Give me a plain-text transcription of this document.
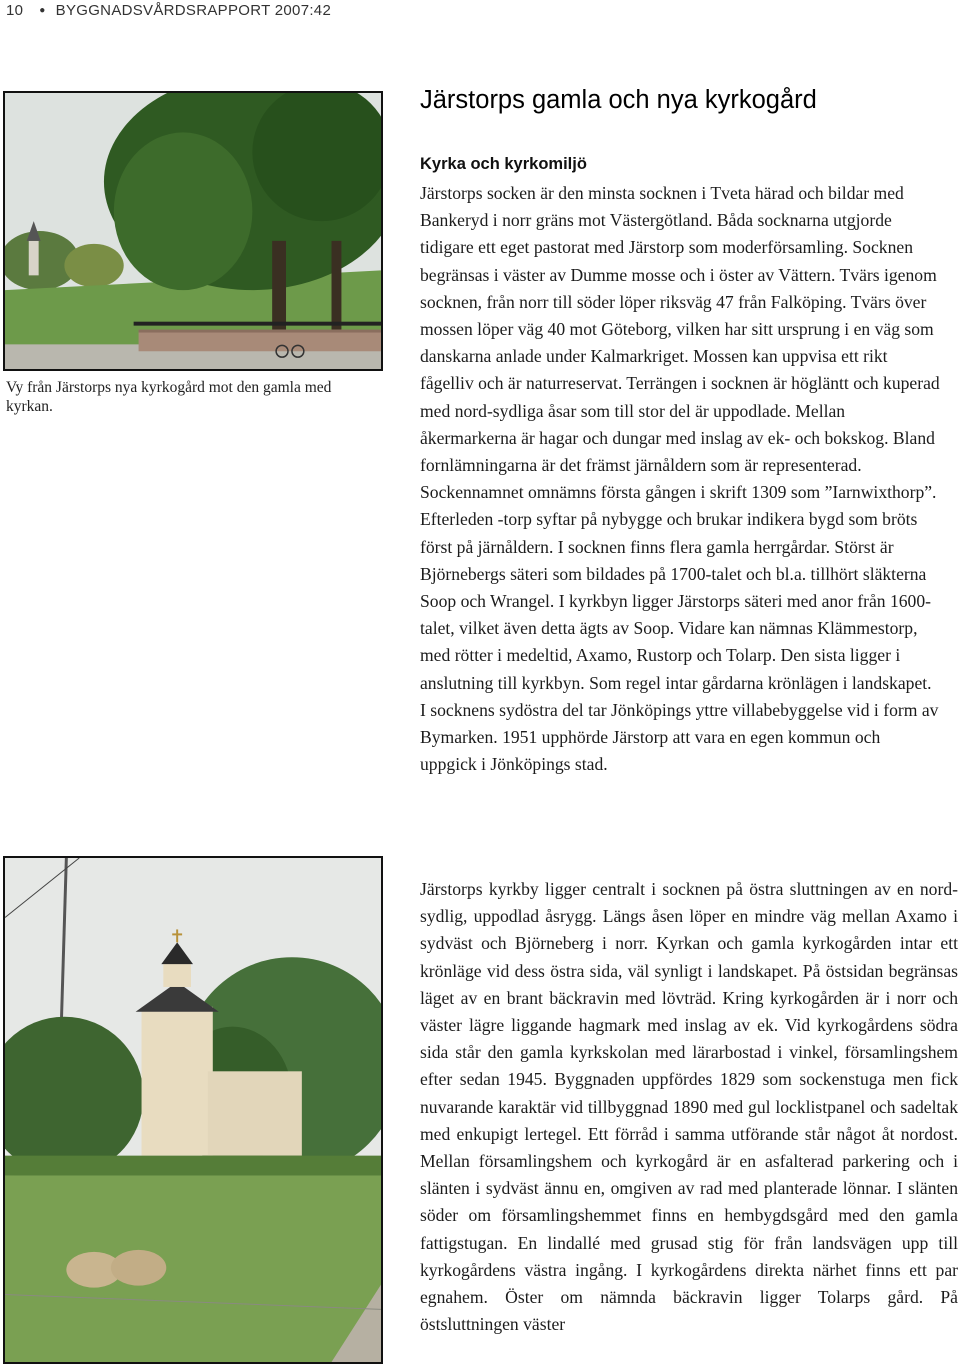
10 ● BYGGNADSVÅRDSRAPPORT 2007:42
Vy från Järstorps nya kyrkogård mot den gamla med kyrkan.
Järstorps gamla och nya kyrkogård
Kyrka och kyrkomiljö

Järstorps socken är den minsta socknen i Tveta härad och bildar med Bankeryd i norr gräns mot Västergötland. Båda socknarna utgjorde tidigare ett eget pastorat med Järstorp som moderförsamling. Socknen begränsas i väster av Dumme mosse och i öster av Vättern. Tvärs igenom socknen, från norr till söder löper riksväg 47 från Falköping. Tvärs över mossen löper väg 40 mot Göteborg, vilken har sitt ursprung i en väg som danskarna anlade under Kalmarkriget. Mossen kan uppvisa ett rikt fågelliv och är naturreservat. Terrängen i socknen är högläntt och kuperad med nord-sydliga åsar som till stor del är uppodlade. Mellan åkermarkerna är hagar och dungar med inslag av ek- och bokskog. Bland fornlämningarna är det främst järnåldern som är representerad. Sockennamnet omnämns första gången i skrift 1309 som ”Iarnwixthorp”. Efterleden -torp syftar på nybygge och brukar indikera bygd som bröts först på järnåldern. I socknen finns flera gamla herrgårdar. Störst är Björnebergs säteri som bildades på 1700-talet och bl.a. tillhört släkterna Soop och Wrangel. I kyrkbyn ligger Järstorps säteri med anor från 1600-talet, vilket även detta ägts av Soop. Vidare kan nämnas Klämmestorp, med rötter i medeltid, Axamo, Rustorp och Tolarp. Den sista ligger i anslutning till kyrkbyn. Som regel intar gårdarna krönlägen i landskapet. I socknens sydöstra del tar Jönköpings yttre villabebyggelse vid i form av Bymarken. 1951 upphörde Järstorp att vara en egen kommun och uppgick i Jönköpings stad.

Järstorps kyrkby ligger centralt i socknen på östra sluttningen av en nord-sydlig, uppodlad åsrygg. Längs åsen löper en mindre väg mellan Axamo i sydväst och Björneberg i norr. Kyrkan och gamla kyrkogården intar ett krönläge vid dess östra sida, väl synligt i landskapet. På östsidan begränsas läget av en brant bäckravin med lövträd. Kring kyrkogården är i norr och väster lägre liggande hagmark med inslag av ek. Vid kyrkogårdens södra sida står den gamla kyrkskolan med lärarbostad i vinkel, församlingshem efter sedan 1945. Byggnaden uppfördes 1829 som sockenstuga men fick nuvarande karaktär vid tillbyggnad 1890 med gul locklistpanel och sadeltak med enkupigt lertegel. Ett förråd i samma utförande står något åt nordost. Mellan församlingshem och kyrkogård är en asfalterad parkering och i slänten i sydväst ännu en, omgiven av rad med planterade lönnar. I slänten söder om församlingshemmet finns en hembygdsgård med den gamla fattigstugan. En lindallé med grusad stig för från landsvägen upp till kyrkogårdens västra ingång. I kyrkogårdens direkta närhet finns ett par egnahem. Öster om nämnda bäckravin ligger Tolarps gård. På östsluttningen väster
